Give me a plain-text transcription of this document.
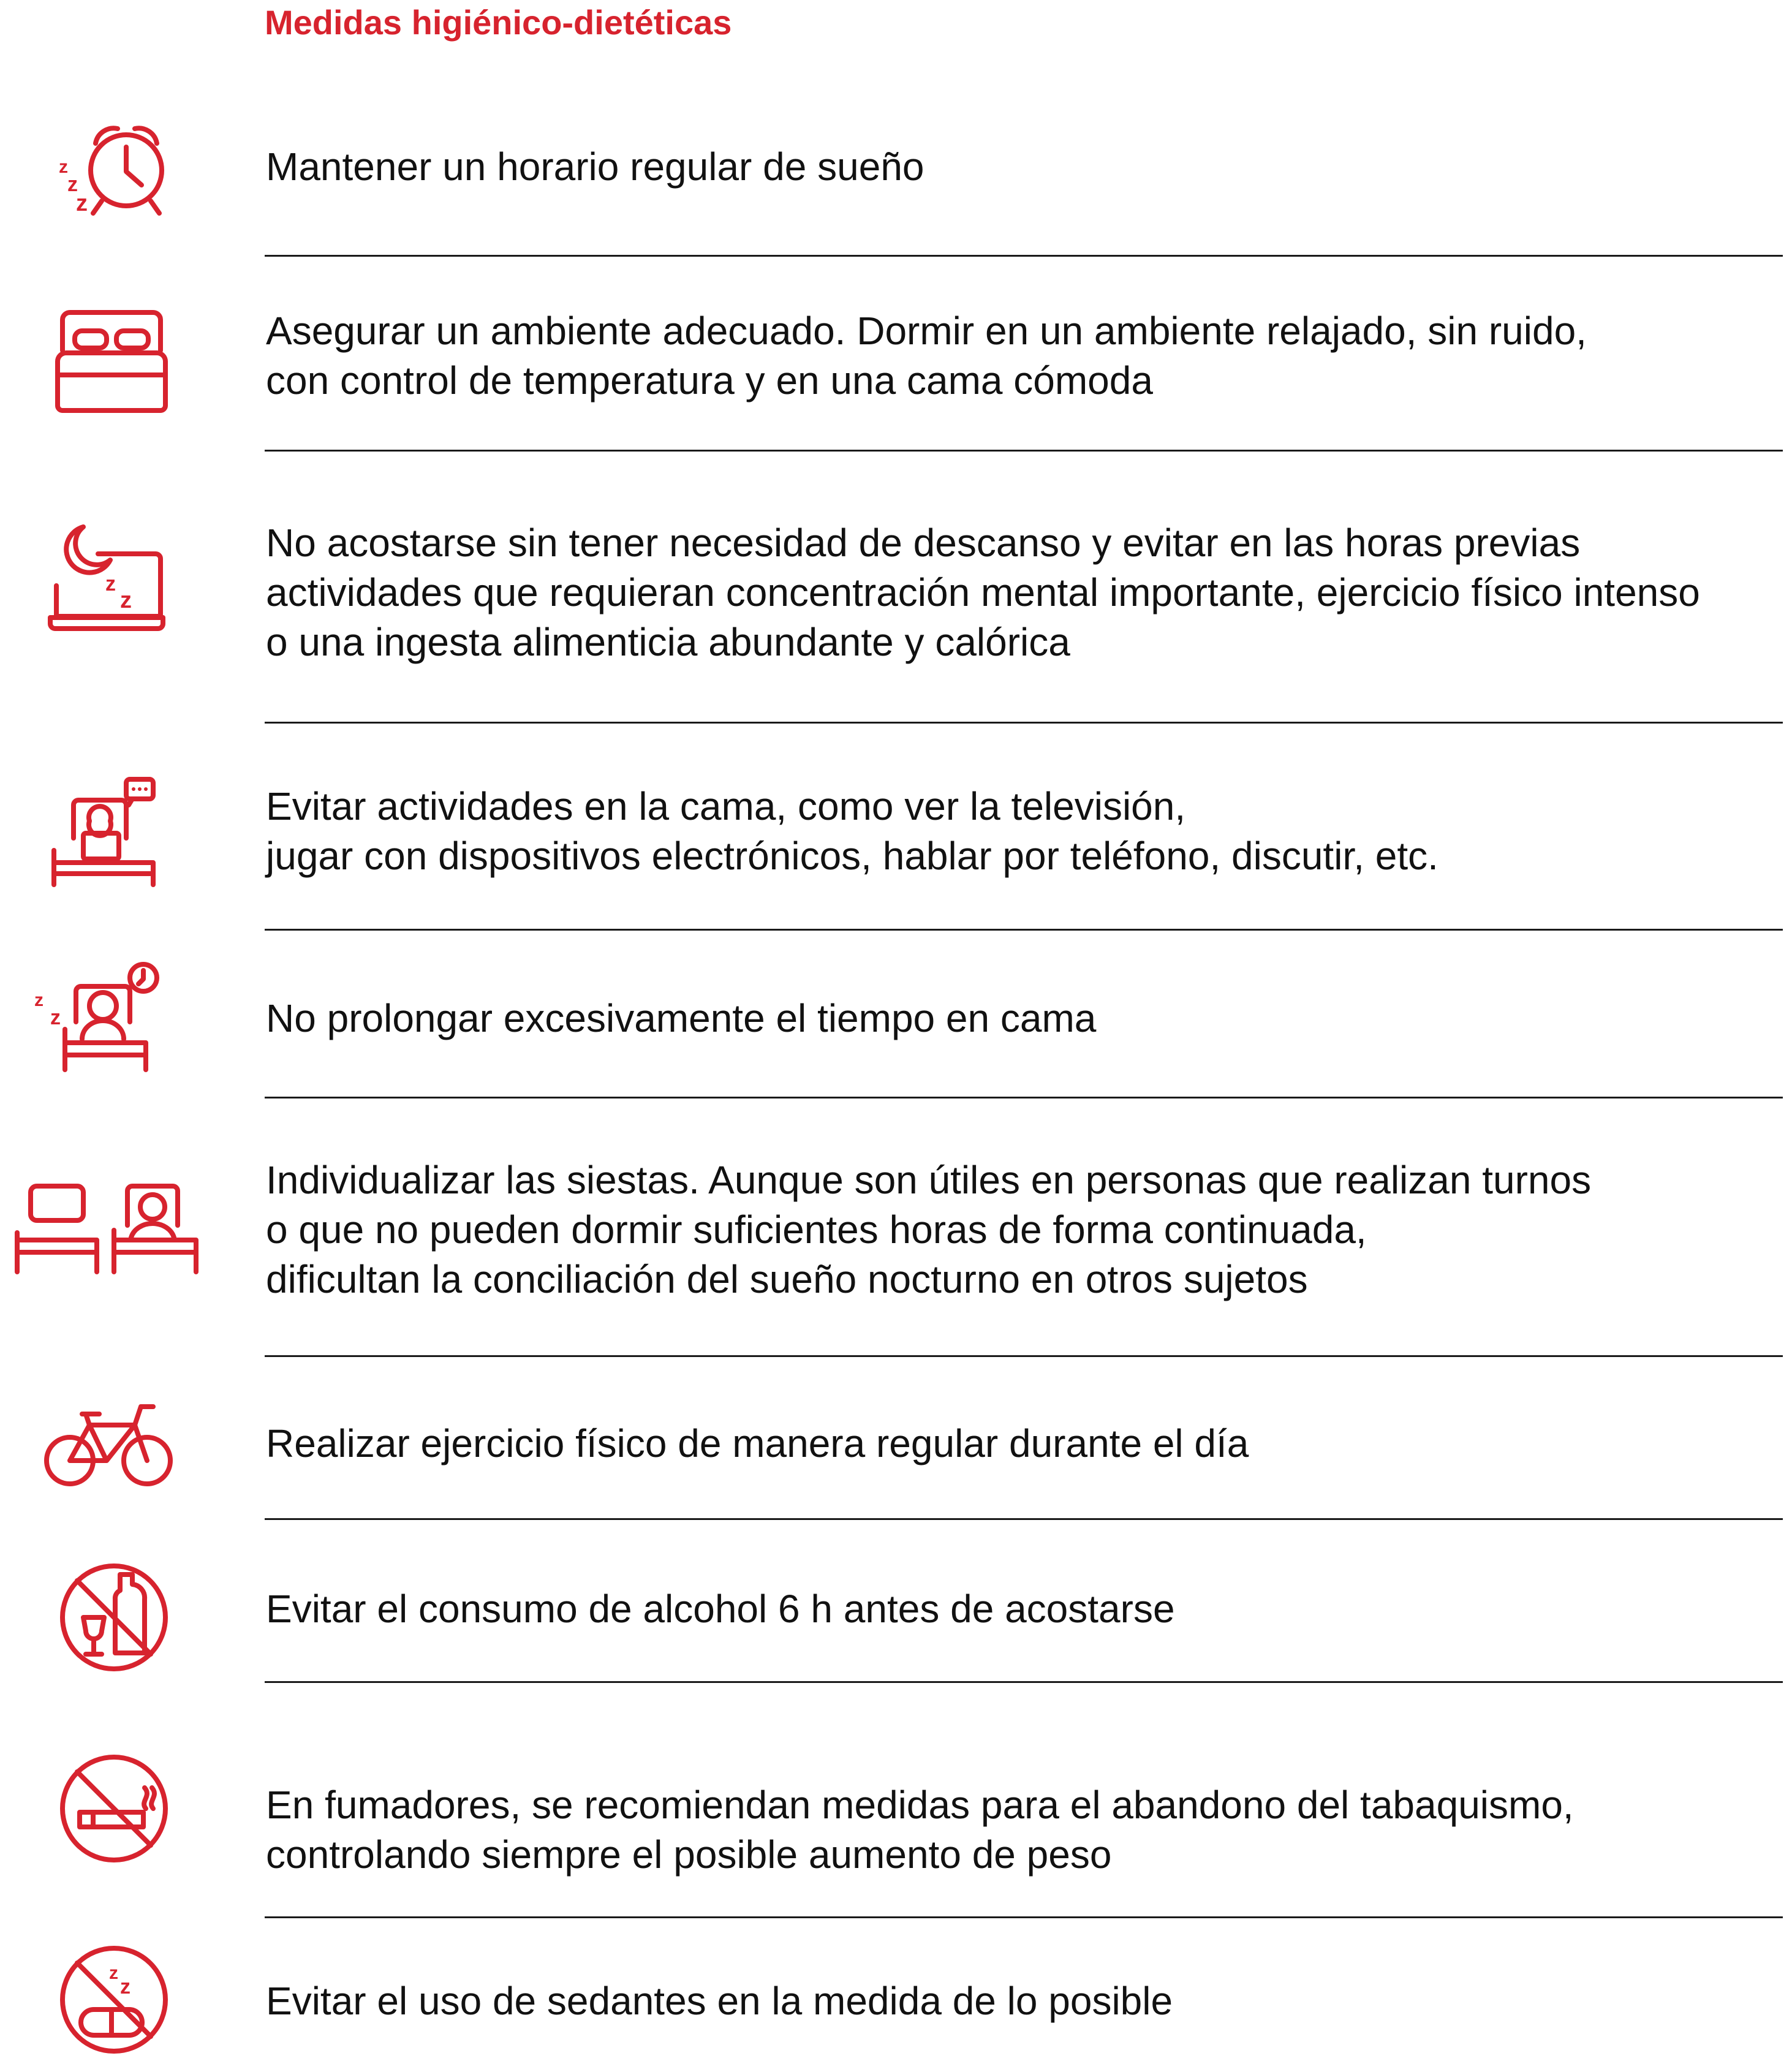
Medidas higiénico-dietéticas
z
z
z
Mantener un horario regular de sueño
Asegurar un ambiente adecuado. Dormir en un ambiente relajado, sin ruido,
con control de temperatura y en una cama cómoda
z
z
No acostarse sin tener necesidad de descanso y evitar en las horas previas
actividades que requieran concentración mental importante, ejercicio físico intenso
o una ingesta alimenticia abundante y calórica
Evitar actividades en la cama, como ver la televisión,
jugar con dispositivos electrónicos, hablar por teléfono, discutir, etc.
z
z	No prolongar excesivamente el tiempo en cama
Individualizar las siestas. Aunque son útiles en personas que realizan turnos
o que no pueden dormir suficientes horas de forma continuada,
dificultan la conciliación del sueño nocturno en otros sujetos
Realizar ejercicio físico de manera regular durante el día
Evitar el consumo de alcohol 6 h antes de acostarse
En fumadores, se recomiendan medidas para el abandono del tabaquismo,
controlando siempre el posible aumento de peso
z
z	Evitar el uso de sedantes en la medida de lo posible
